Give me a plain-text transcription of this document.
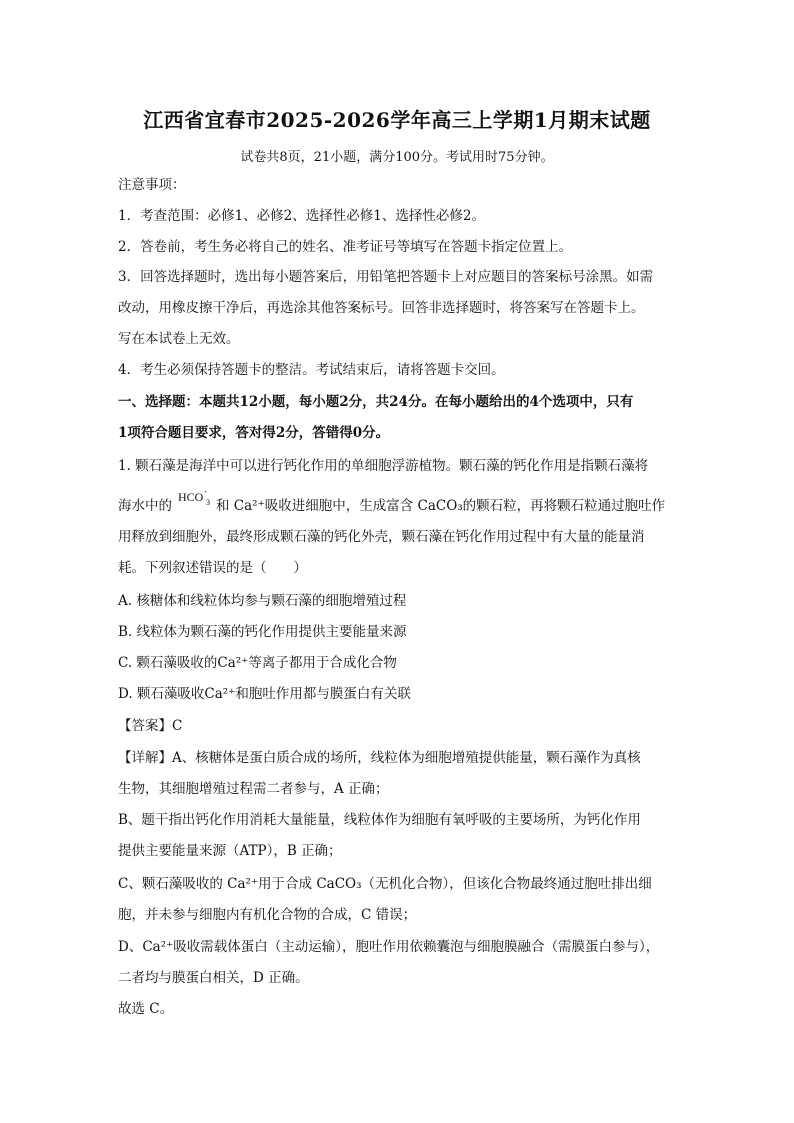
江西省宜春市2025-2026学年高三上学期1月期末试题
试卷共8页，21小题，满分100分。考试用时75分钟。
注意事项：
1．考查范围：必修1、必修2、选择性必修1、选择性必修2。
2．答卷前，考生务必将自己的姓名、准考证号等填写在答题卡指定位置上。
3．回答选择题时，选出每小题答案后，用铅笔把答题卡上对应题目的答案标号涂黑。如需
改动，用橡皮擦干净后，再选涂其他答案标号。回答非选择题时，将答案写在答题卡上。
写在本试卷上无效。
4．考生必须保持答题卡的整洁。考试结束后，请将答题卡交回。
一、选择题：本题共12小题，每小题2分，共24分。在每小题给出的4个选项中，只有
1项符合题目要求，答对得2分，答错得0分。
1. 颗石藻是海洋中可以进行钙化作用的单细胞浮游植物。颗石藻的钙化作用是指颗石藻将
海水中的	和 Ca²⁺吸收进细胞中，生成富含 CaCO₃的颗石粒，再将颗石粒通过胞吐作
HCO -
3
用释放到细胞外，最终形成颗石藻的钙化外壳，颗石藻在钙化作用过程中有大量的能量消
耗。下列叙述错误的是（　　）
A. 核糖体和线粒体均参与颗石藻的细胞增殖过程
B. 线粒体为颗石藻的钙化作用提供主要能量来源
C. 颗石藻吸收的Ca²⁺等离子都用于合成化合物
D. 颗石藻吸收Ca²⁺和胞吐作用都与膜蛋白有关联
【答案】C
【详解】A、核糖体是蛋白质合成的场所，线粒体为细胞增殖提供能量，颗石藻作为真核
生物，其细胞增殖过程需二者参与，A 正确；
B、题干指出钙化作用消耗大量能量，线粒体作为细胞有氧呼吸的主要场所，为钙化作用
提供主要能量来源（ATP），B 正确；
C、颗石藻吸收的 Ca²⁺用于合成 CaCO₃（无机化合物），但该化合物最终通过胞吐排出细
胞，并未参与细胞内有机化合物的合成，C 错误；
D、Ca²⁺吸收需载体蛋白（主动运输），胞吐作用依赖囊泡与细胞膜融合（需膜蛋白参与），
二者均与膜蛋白相关，D 正确。
故选 C。
